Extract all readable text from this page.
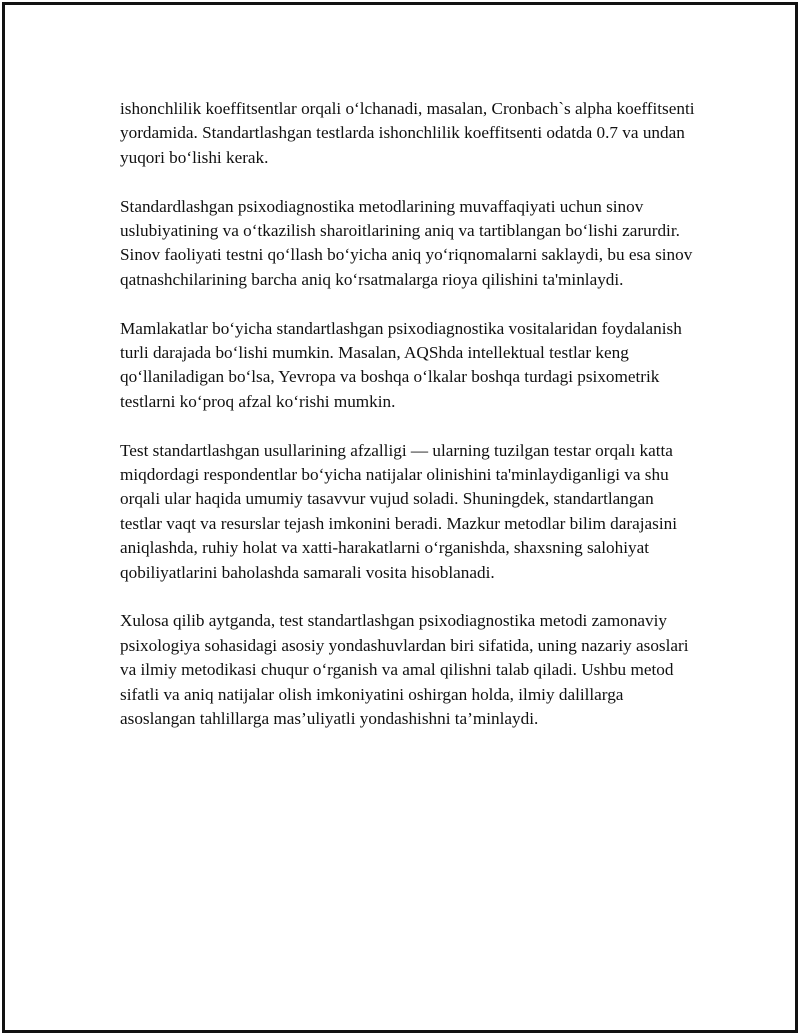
ishonchlilik koeffitsentlar orqali o‘lchanadi, masalan, Cronbach`s alpha koeffitsenti yordamida. Standartlashgan testlarda ishonchlilik koeffitsenti odatda 0.7 va undan yuqori bo‘lishi kerak.

Standardlashgan psixodiagnostika metodlarining muvaffaqiyati uchun sinov uslubiyatining va o‘tkazilish sharoitlarining aniq va tartiblangan bo‘lishi zarurdir. Sinov faoliyati testni qo‘llash bo‘yicha aniq yo‘riqnomalarni saklaydi, bu esa sinov qatnashchilarining barcha aniq ko‘rsatmalarga rioya qilishini ta'minlaydi.

Mamlakatlar bo‘yicha standartlashgan psixodiagnostika vositalaridan foydalanish turli darajada bo‘lishi mumkin. Masalan, AQShda intellektual testlar keng qo‘llaniladigan bo‘lsa, Yevropa va boshqa o‘lkalar boshqa turdagi psixometrik testlarni ko‘proq afzal ko‘rishi mumkin.

Test standartlashgan usullarining afzalligi — ularning tuzilgan testar orqalı katta miqdordagi respondentlar bo‘yicha natijalar olinishini ta'minlaydiganligi va shu orqali ular haqida umumiy tasavvur vujud soladi. Shuningdek, standartlangan testlar vaqt va resurslar tejash imkonini beradi. Mazkur metodlar bilim darajasini aniqlashda, ruhiy holat va xatti-harakatlarni o‘rganishda, shaxsning salohiyat qobiliyatlarini baholashda samarali vosita hisoblanadi.

Xulosa qilib aytganda, test standartlashgan psixodiagnostika metodi zamonaviy psixologiya sohasidagi asosiy yondashuvlardan biri sifatida, uning nazariy asoslari va ilmiy metodikasi chuqur o‘rganish va amal qilishni talab qiladi. Ushbu metod sifatli va aniq natijalar olish imkoniyatini oshirgan holda, ilmiy dalillarga asoslangan tahlillarga mas’uliyatli yondashishni ta’minlaydi.
